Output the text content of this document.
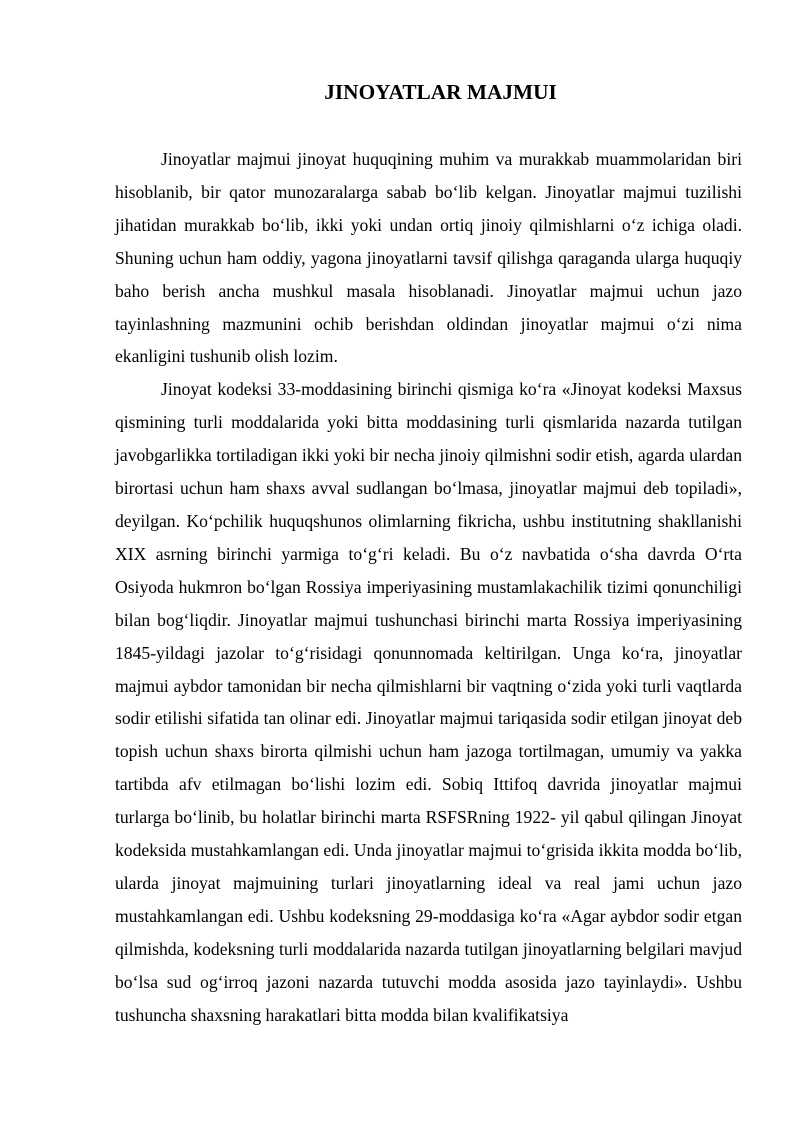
JINOYATLAR MAJMUI

Jinoyatlar majmui jinoyat huquqining muhim va murakkab muammolaridan biri hisoblanib, bir qator munozaralarga sabab bo‘lib kelgan. Jinoyatlar majmui tuzilishi jihatidan murakkab bo‘lib, ikki yoki undan ortiq jinoiy qilmishlarni o‘z ichiga oladi. Shuning uchun ham oddiy, yagona jinoyatlarni tavsif qilishga qaraganda ularga huquqiy baho berish ancha mushkul masala hisoblanadi. Jinoyatlar majmui uchun jazo tayinlashning mazmunini ochib berishdan oldindan jinoyatlar majmui o‘zi nima ekanligini tushunib olish lozim.

Jinoyat kodeksi 33-moddasining birinchi qismiga ko‘ra «Jinoyat kodeksi Maxsus qismining turli moddalarida yoki bitta moddasining turli qismlarida nazarda tutilgan javobgarlikka tortiladigan ikki yoki bir necha jinoiy qilmishni sodir etish, agarda ulardan birortasi uchun ham shaxs avval sudlangan bo‘lmasa, jinoyatlar majmui deb topiladi», deyilgan. Ko‘pchilik huquqshunos olimlarning fikricha, ushbu institutning shakllanishi XIX asrning birinchi yarmiga to‘g‘ri keladi. Bu o‘z navbatida o‘sha davrda O‘rta Osiyoda hukmron bo‘lgan Rossiya imperiyasining mustamlakachilik tizimi qonunchiligi bilan bog‘liqdir. Jinoyatlar majmui tushunchasi birinchi marta Rossiya imperiyasining 1845-yildagi jazolar to‘g‘risidagi qonunnomada keltirilgan. Unga ko‘ra, jinoyatlar majmui aybdor tamonidan bir necha qilmishlarni bir vaqtning o‘zida yoki turli vaqtlarda sodir etilishi sifatida tan olinar edi. Jinoyatlar majmui tariqasida sodir etilgan jinoyat deb topish uchun shaxs birorta qilmishi uchun ham jazoga tortilmagan, umumiy va yakka tartibda afv etilmagan bo‘lishi lozim edi. Sobiq Ittifoq davrida jinoyatlar majmui turlarga bo‘linib, bu holatlar birinchi marta RSFSRning 1922- yil qabul qilingan Jinoyat kodeksida mustahkamlangan edi. Unda jinoyatlar majmui to‘grisida ikkita modda bo‘lib, ularda jinoyat majmuining turlari jinoyatlarning ideal va real jami uchun jazo mustahkamlangan edi. Ushbu kodeksning 29-moddasiga ko‘ra «Agar aybdor sodir etgan qilmishda, kodeksning turli moddalarida nazarda tutilgan jinoyatlarning belgilari mavjud bo‘lsa sud og‘irroq jazoni nazarda tutuvchi modda asosida jazo tayinlaydi». Ushbu tushuncha shaxsning harakatlari bitta modda bilan kvalifikatsiya
